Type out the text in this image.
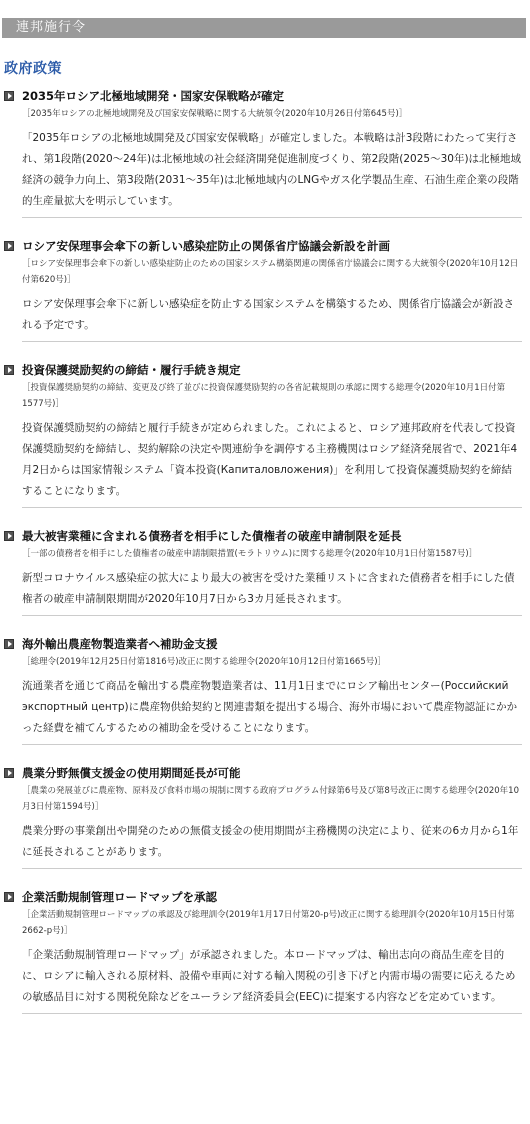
連邦施行令
政府政策
2035年ロシア北極地域開発・国家安保戦略が確定
［2035年ロシアの北極地域開発及び国家安保戦略に関する大統領令(2020年10月26日付第645号)］

「2035年ロシアの北極地域開発及び国家安保戦略」が確定しました。本戦略は計3段階にわたって実行され、第1段階(2020〜24年)は北極地域の社会経済開発促進制度づくり、第2段階(2025〜30年)は北極地域経済の競争力向上、第3段階(2031〜35年)は北極地域内のLNGやガス化学製品生産、石油生産企業の段階的生産量拡大を明示しています。

ロシア安保理事会傘下の新しい感染症防止の関係省庁協議会新設を計画
［ロシア安保理事会傘下の新しい感染症防止のための国家システム構築関連の関係省庁協議会に関する大統領令(2020年10月12日付第620号)］

ロシア安保理事会傘下に新しい感染症を防止する国家システムを構築するため、関係省庁協議会が新設される予定です。

投資保護奨励契約の締結・履行手続き規定
［投資保護奨励契約の締結、変更及び終了並びに投資保護奨励契約の各省記載規則の承認に関する総理令(2020年10月1日付第1577号)］

投資保護奨励契約の締結と履行手続きが定められました。これによると、ロシア連邦政府を代表して投資保護奨励契約を締結し、契約解除の決定や関連紛争を調停する主務機関はロシア経済発展省で、2021年4月2日からは国家情報システム「資本投資(Капиталовложения)」を利用して投資保護奨励契約を締結することになります。

最大被害業種に含まれる債務者を相手にした債権者の破産申請制限を延長
［一部の債務者を相手にした債権者の破産申請制限措置(モラトリウム)に関する総理令(2020年10月1日付第1587号)］

新型コロナウイルス感染症の拡大により最大の被害を受けた業種リストに含まれた債務者を相手にした債権者の破産申請制限期間が2020年10月7日から3カ月延長されます。

海外輸出農産物製造業者へ補助金支援
［総理令(2019年12月25日付第1816号)改正に関する総理令(2020年10月12日付第1665号)］

流通業者を通じて商品を輸出する農産物製造業者は、11月1日までにロシア輸出センター(Российский экспортный центр)に農産物供給契約と関連書類を提出する場合、海外市場において農産物認証にかかった経費を補てんするための補助金を受けることになります。

農業分野無償支援金の使用期間延長が可能
［農業の発展並びに農産物、原料及び食料市場の規制に関する政府プログラム付録第6号及び第8号改正に関する総理令(2020年10月3日付第1594号)］

農業分野の事業創出や開発のための無償支援金の使用期間が主務機関の決定により、従来の6カ月から1年に延長されることがあります。

企業活動規制管理ロードマップを承認
［企業活動規制管理ロードマップの承認及び総理訓令(2019年1月17日付第20-p号)改正に関する総理訓令(2020年10月15日付第2662-p号)］

「企業活動規制管理ロードマップ」が承認されました。本ロードマップは、輸出志向の商品生産を目的に、ロシアに輸入される原材料、設備や車両に対する輸入関税の引き下げと内需市場の需要に応えるための敏感品目に対する関税免除などをユーラシア経済委員会(EEC)に提案する内容などを定めています。
